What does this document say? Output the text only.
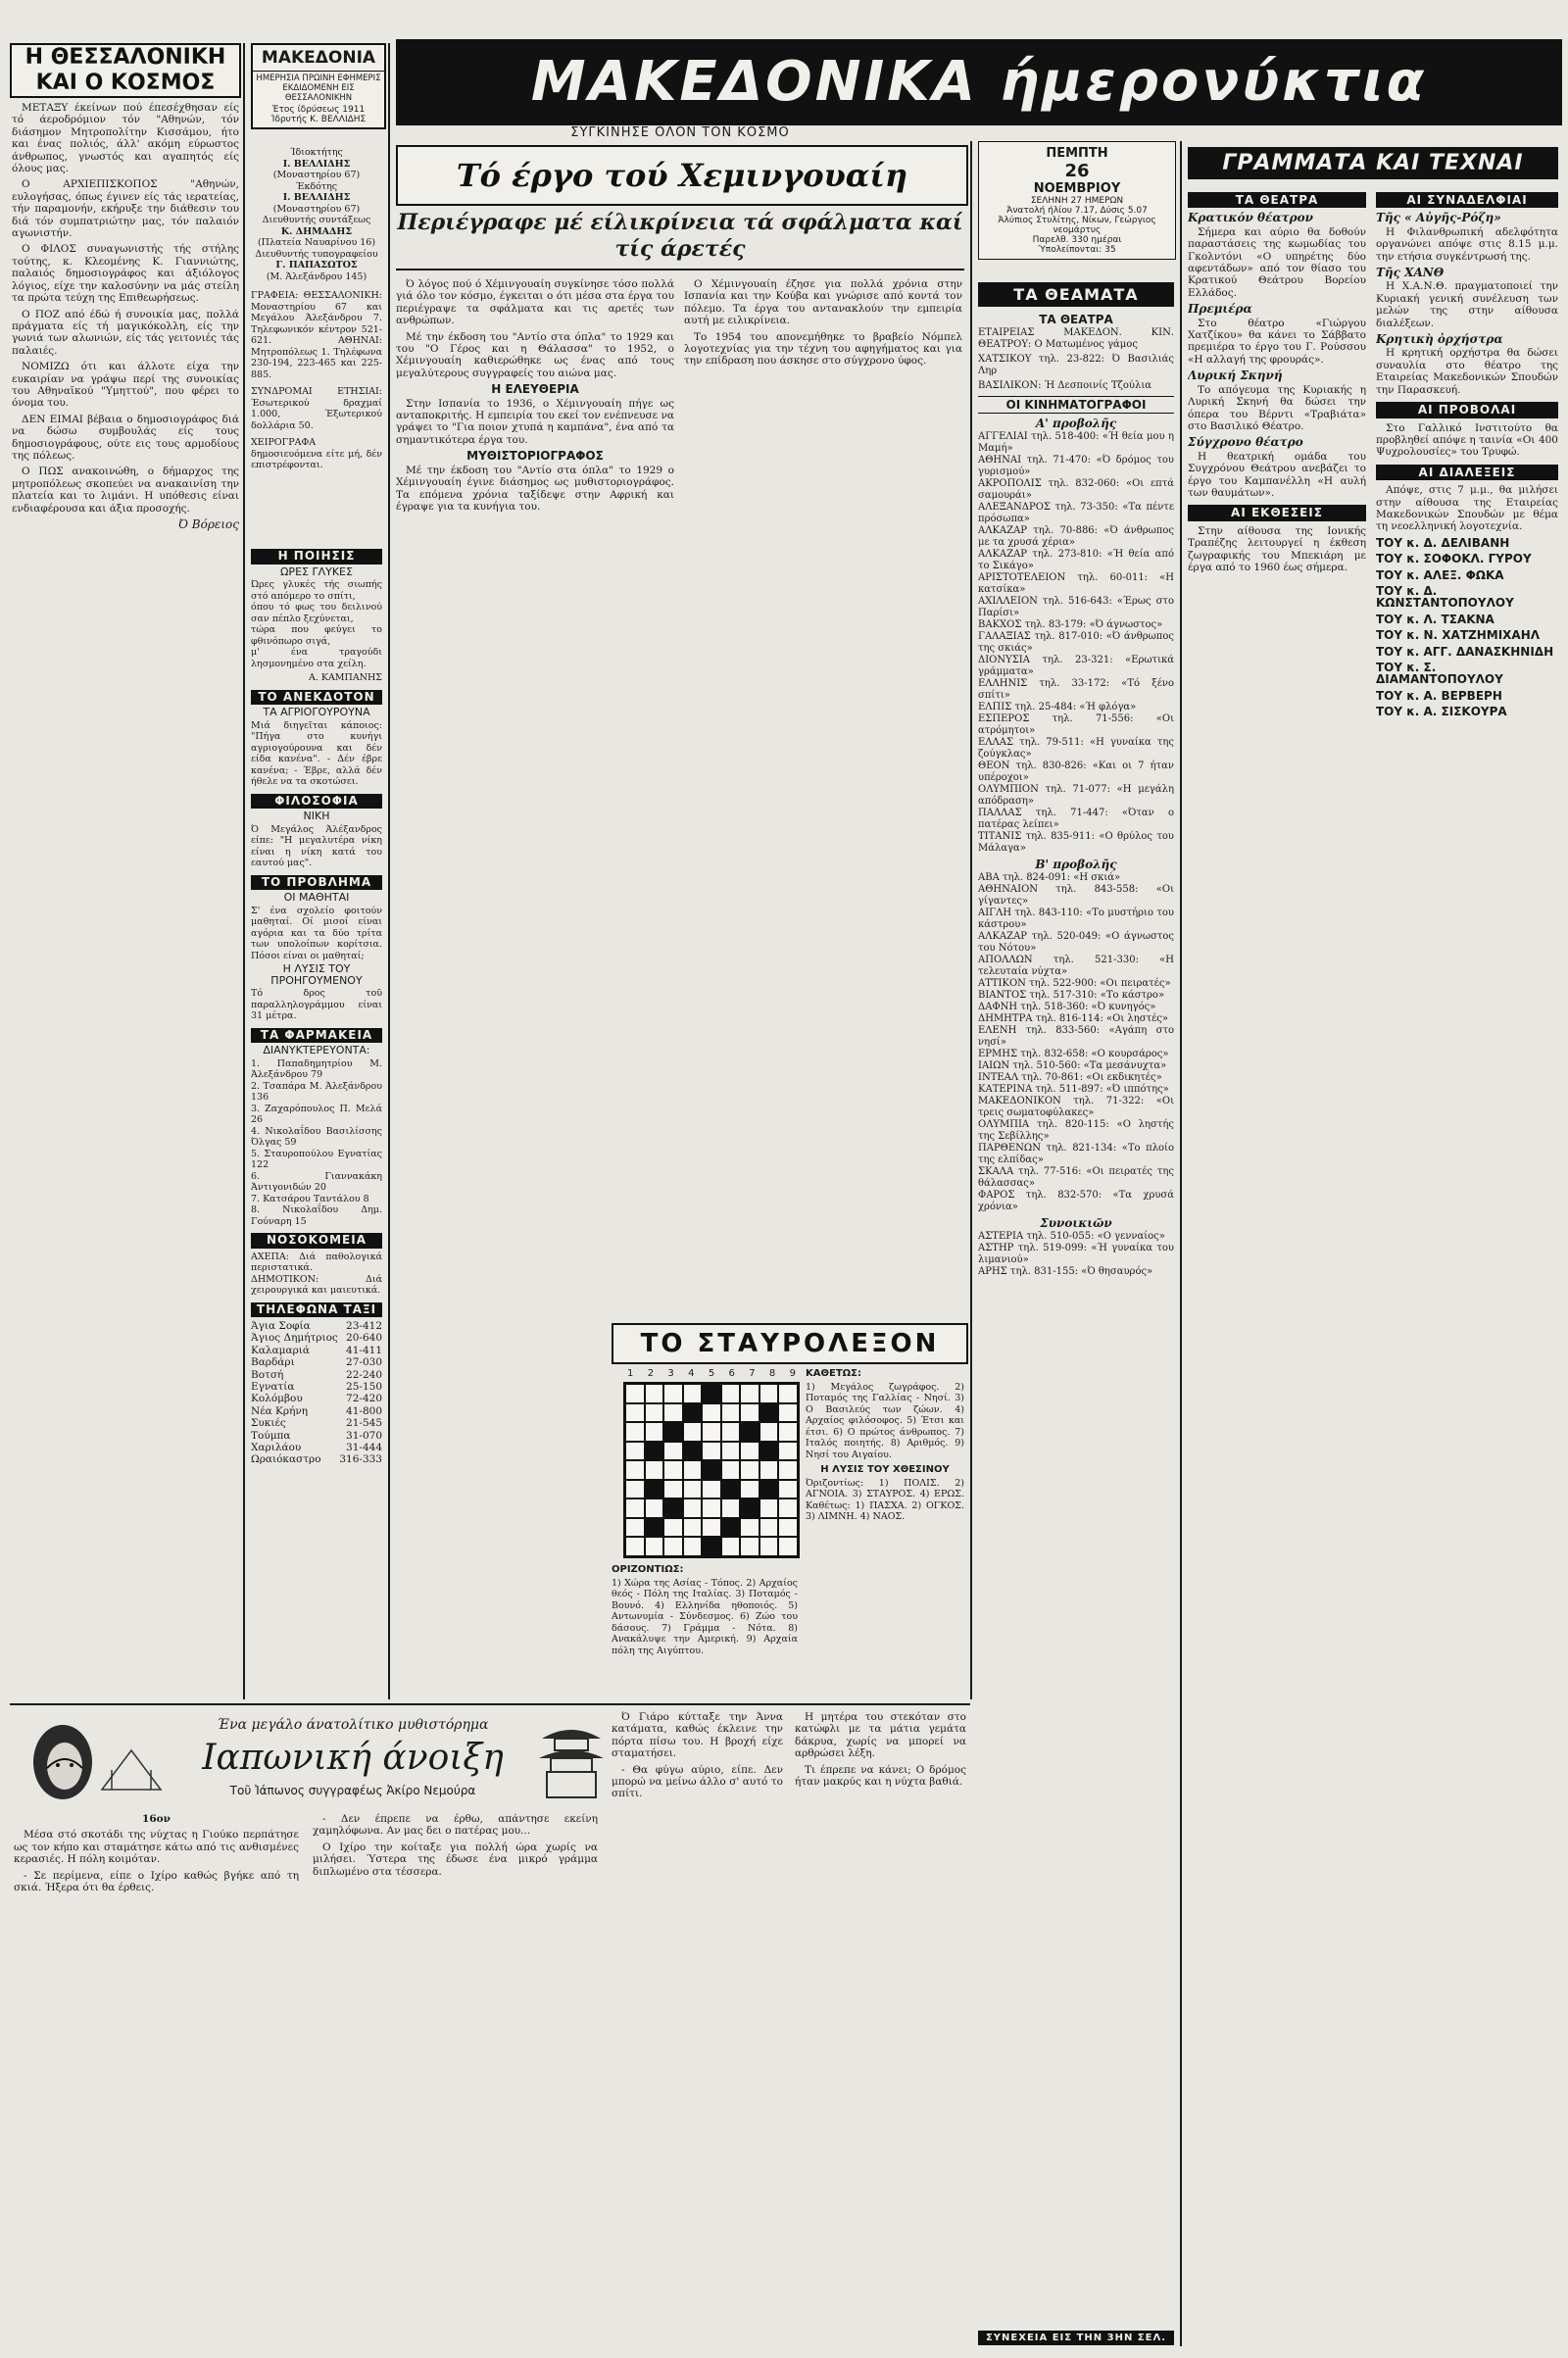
Η ΘΕΣΣΑΛΟΝΙΚΗ ΚΑΙ Ο ΚΟΣΜΟΣ

ΜΕΤΑΞΥ έκείνων πού έπεσέχθησαν είς τό άεροδρόμιον τόν "Αθηνών, τόν διάσημον Μητροπολίτην Κισσάμου, ήτο και ένας πολιός, άλλ' ακόμη εύρωστος άνθρωπος, γνωστός και αγαπητός είς όλους μας.

Ο ΑΡΧΙΕΠΙΣΚΟΠΟΣ "Αθηνών, ευλογήσας, όπως έγινεν είς τάς ιερατείας, τήν παραμονήν, εκήρυξε την διάθεσιν του διά τόν συμπατριώτην μας, τόν παλαιόν αγωνιστήν.

Ο ΦΙΛΟΣ συναγωνιστής τής στήλης τούτης, κ. Κλεομένης Κ. Γιαννιώτης, παλαιός δημοσιογράφος και άξιόλογος λόγιος, είχε την καλοσύνην να μάς στείλη τα πρώτα τεύχη της Επιθεωρήσεως.

Ο ΠΟΖ από έδώ ή συνοικία μας, πολλά πράγματα είς τή μαγικόκολλη, είς την γωνιά των αλωνιών, είς τάς γειτονιές τάς παλαιές.

ΝΟΜΙΖΩ ότι και άλλοτε είχα την ευκαιρίαν να γράψω περί της συνοικίας του Αθηναϊκού "Υμηττού", που φέρει το όνομα του.

ΔΕΝ ΕΙΜΑΙ βέβαια ο δημοσιογράφος διά να δώσω συμβουλάς είς τους δημοσιογράφους, ούτε εις τους αρμοδίους της πόλεως.

Ο ΠΩΣ ανακοινώθη, ο δήμαρχος της μητροπόλεως σκοπεύει να ανακαινίση την πλατεία και το λιμάνι. Η υπόθεσις είναι ενδιαφέρουσα και άξια προσοχής.

Ό Βόρειος
ΜΑΚΕΔΟΝΙΑ
ΗΜΕΡΗΣΙΑ ΠΡΩΙΝΗ ΕΦΗΜΕΡΙΣ ΕΚΔΙΔΟΜΕΝΗ ΕΙΣ ΘΕΣΣΑΛΟΝΙΚΗΝ
Έτος ίδρύσεως 1911
Ίδρυτής Κ. ΒΕΛΛΙΔΗΣ
Ίδιοκτήτης
Ι. ΒΕΛΛΙΔΗΣ
(Μοναστηρίου 67)
Έκδότης
Ι. ΒΕΛΛΙΔΗΣ
(Μοναστηρίου 67)
Διευθυντής συντάξεως
Κ. ΔΗΜΑΔΗΣ
(Πλατεία Ναυαρίνου 16)
Διευθυντής τυπογραφείου
Γ. ΠΑΠΑΣΩΤΟΣ
(Μ. Άλεξάνδρου 145)
ΓΡΑΦΕΙΑ: ΘΕΣΣΑΛΟΝΙΚΗ: Μοναστηρίου 67 και Μεγάλου Άλεξάνδρου 7. Τηλεφωνικόν κέντρον 521-621. ΑΘΗΝΑΙ: Μητροπόλεως 1. Τηλέφωνα 230-194, 223-465 και 225-885.
ΣΥΝΔΡΟΜΑΙ ΕΤΗΣΙΑΙ: Έσωτερικού δραχμαί 1.000, Έξωτερικού δολλάρια 50.
ΧΕΙΡΟΓΡΑΦΑ δημοσιευόμενα είτε μή, δέν επιστρέφονται.
Η ΠΟΙΗΣΙΣ
ΩΡΕΣ ΓΛΥΚΕΣ
Ώρες γλυκές τής σιωπής στό απόμερο το σπίτι,
όπου τό φως του δειλινού σαν πέπλο ξεχύνεται,
τώρα που φεύγει το φθινόπωρο σιγά,
μ' ένα τραγούδι λησμονημένο στα χείλη.
Α. ΚΑΜΠΑΝΗΣ
ΤΟ ΑΝΕΚΔΟΤΟΝ
ΤΑ ΑΓΡΙΟΓΟΥΡΟΥΝΑ
Μιά διηγεῖται κάποιος: "Πήγα στο κυνήγι αγριογούρουνα και δέν είδα κανένα". - Δέν έβρε κανένα; - Έβρε, αλλά δέν ήθελε να τα σκοτώσει.
ΦΙΛΟΣΟΦΙΑ
ΝΙΚΗ
Ό Μεγάλος Άλέξανδρος είπε: "Η μεγαλυτέρα νίκη είναι η νίκη κατά του εαυτού μας".
ΤΟ ΠΡΟΒΛΗΜΑ
ΟΙ ΜΑΘΗΤΑΙ
Σ' ένα σχολείο φοιτούν μαθηταί. Οί μισοί είναι αγόρια και τα δύο τρίτα των υπολοίπων κορίτσια. Πόσοι είναι οι μαθηταί;
Η ΛΥΣΙΣ ΤΟΥ ΠΡΟΗΓΟΥΜΕΝΟΥ
Τό δρος τοῦ παραλληλογράμμου είναι 31 μέτρα.
ΤΑ ΦΑΡΜΑΚΕΙΑ
ΔΙΑΝΥΚΤΕΡΕΥΟΝΤΑ:
1. Παπαδημητρίου Μ. Άλεξάνδρου 79
2. Τσαπάρα Μ. Άλεξάνδρου 136
3. Ζαχαρόπουλος Π. Μελά 26
4. Νικολαΐδου Βασιλίσσης Όλγας 59
5. Σταυροπούλου Εγνατίας 122
6. Γιαννακάκη Άντιγονιδών 20
7. Κατσάρου Ταντάλου 8
8. Νικολαΐδου Δημ. Γούναρη 15
ΝΟΣΟΚΟΜΕΙΑ
ΑΧΕΠΑ: Διά παθολογικά περιστατικά. ΔΗΜΟΤΙΚΟΝ: Διά χειρουργικά και μαιευτικά.
ΤΗΛΕΦΩΝΑ ΤΑΞΙ
Άγια Σοφία	23-412
Άγιος Δημήτριος 20-640
Καλαμαριά	41-411
Βαρδάρι	27-030
Βοτσή	22-240
Εγνατία	25-150
Κολόμβου	72-420
Νέα Κρήνη	41-800
Συκιές	21-545
Τούμπα	31-070
Χαριλάου	31-444
Ωραιόκαστρο 316-333
ΜΑΚΕΔΟΝΙΚΑ ήμερονύκτια
ΣΥΓΚΙΝΗΣΕ ΟΛΟΝ ΤΟΝ ΚΟΣΜΟ
Τό έργο τού Χεμινγουαίη
Περιέγραφε μέ είλικρίνεια τά σφάλματα καί τίς άρετές

Ό λόγος πού ό Χέμινγουαίη συγκίνησε τόσο πολλά γιά όλο τον κόσμο, έγκειται ο ότι μέσα στα έργα του περιέγραψε τα σφάλματα και τις αρετές των ανθρώπων.

Μέ την έκδοση του "Αντίο στα όπλα" το 1929 και του "Ο Γέρος και η Θάλασσα" το 1952, ο Χέμινγουαίη καθιερώθηκε ως ένας από τους μεγαλύτερους συγγραφείς του αιώνα μας.

Η ΕΛΕΥΘΕΡΙΑ

Στην Ισπανία το 1936, ο Χέμινγουαίη πήγε ως ανταποκριτής. Η εμπειρία του εκεί τον ενέπνευσε να γράψει το "Για ποιον χτυπά η καμπάνα", ένα από τα σημαντικότερα έργα του.

ΜΥΘΙΣΤΟΡΙΟΓΡΑΦΟΣ

Μέ την έκδοση του "Αντίο στα όπλα" το 1929 ο Χέμινγουαίη έγινε διάσημος ως μυθιστοριογράφος. Τα επόμενα χρόνια ταξίδεψε στην Αφρική και έγραψε για τα κυνήγια του.

Ο Χέμινγουαίη έζησε για πολλά χρόνια στην Ισπανία και την Κούβα και γνώρισε από κοντά τον πόλεμο. Τα έργα του αντανακλούν την εμπειρία αυτή με ειλικρίνεια.

Το 1954 του απονεμήθηκε το βραβείο Νόμπελ λογοτεχνίας για την τέχνη του αφηγήματος και για την επίδραση που άσκησε στο σύγχρονο ύφος.

ΤΟ ΣΤΑΥΡΟΛΕΞΟΝ
1 2 3 4 5 6 7 8 9
ΟΡΙΖΟΝΤΙΩΣ:
1) Χώρα της Ασίας - Τόπος. 2) Αρχαίος θεός - Πόλη της Ιταλίας. 3) Ποταμός - Βουνό. 4) Ελληνίδα ηθοποιός. 5) Αντωνυμία - Σύνδεσμος. 6) Ζώο του δάσους. 7) Γράμμα - Νότα. 8) Ανακάλυψε την Αμερική. 9) Αρχαία πόλη της Αιγύπτου.
ΚΑΘΕΤΩΣ:
1) Μεγάλος ζωγράφος. 2) Ποταμός της Γαλλίας - Νησί. 3) Ο Βασιλεύς των ζώων. 4) Αρχαίος φιλόσοφος. 5) Έτσι και έτσι. 6) Ο πρώτος άνθρωπος. 7) Ιταλός ποιητής. 8) Αριθμός. 9) Νησί του Αιγαίου.
Η ΛΥΣΙΣ ΤΟΥ ΧΘΕΣΙΝΟΥ
Όριζοντίως: 1) ΠΟΛΙΣ. 2) ΑΓΝΟΙΑ. 3) ΣΤΑΥΡΟΣ. 4) ΕΡΩΣ. Καθέτως: 1) ΠΑΣΧΑ. 2) ΟΓΚΟΣ. 3) ΛΙΜΝΗ. 4) ΝΑΟΣ.
ΠΕΜΠΤΗ
26
ΝΟΕΜΒΡΙΟΥ
ΣΕΛΗΝΗ 27 ΗΜΕΡΩΝ
Άνατολή ήλίου 7.17, Δύσις 5.07
Άλύπιος Στυλίτης, Νίκων, Γεώργιος νεομάρτυς
Παρελθ. 330 ημέραι
Ύπολείπονται: 35
ΤΑ ΘΕΑΜΑΤΑ
ΤΑ ΘΕΑΤΡΑ
ΕΤΑΙΡΕΙΑΣ ΜΑΚΕΔΟΝ. ΚΙΝ. ΘΕΑΤΡΟΥ: Ο Ματωμένος γάμος
ΧΑΤΣΙΚΟΥ τηλ. 23-822: Ό Βασιλιάς Ληρ
ΒΑΣΙΛΙΚΟΝ: Ή Δεσποινίς Τζούλια
ΟΙ ΚΙΝΗΜΑΤΟΓΡΑΦΟΙ
Α' προβολῆς
ΑΓΓΕΛΙΑΙ τηλ. 518-400: «Ή θεία μου η Μαμή»
ΑΘΗΝΑΙ τηλ. 71-470: «Ό δρόμος του γυρισμού»
ΑΚΡΟΠΟΛΙΣ τηλ. 832-060: «Οι επτά σαμουράι»
ΑΛΕΞΑΝΔΡΟΣ τηλ. 73-350: «Τα πέντε πρόσωπα»
ΑΛΚΑΖΑΡ τηλ. 70-886: «Ό άνθρωπος με τα χρυσά χέρια»
ΑΛΚΑΖΑΡ τηλ. 273-810: «Ή θεία από το Σικάγο»
ΑΡΙΣΤΟΤΕΛΕΙΟΝ τηλ. 60-011: «Η κατσίκα»
ΑΧΙΛΛΕΙΟΝ τηλ. 516-643: «Έρως στο Παρίσι»
ΒΑΚΧΟΣ τηλ. 83-179: «Ό άγνωστος»
ΓΑΛΑΞΙΑΣ τηλ. 817-010: «Ό άνθρωπος της σκιάς»
ΔΙΟΝΥΣΙΑ τηλ. 23-321: «Ερωτικά γράμματα»
ΕΛΛΗΝΙΣ τηλ. 33-172: «Τό ξένο σπίτι»
ΕΛΠΙΣ τηλ. 25-484: «Ή φλόγα»
ΕΣΠΕΡΟΣ τηλ. 71-556: «Οι ατρόμητοι»
ΕΛΛΑΣ τηλ. 79-511: «Η γυναίκα της ζούγκλας»
ΘΕΟΝ τηλ. 830-826: «Και οι 7 ήταν υπέροχοι»
ΟΛΥΜΠΙΟΝ τηλ. 71-077: «Η μεγάλη απόδραση»
ΠΑΛΛΑΣ τηλ. 71-447: «Όταν ο πατέρας λείπει»
ΤΙΤΑΝΙΣ τηλ. 835-911: «Ο θρύλος του Μάλαγα»
Β' προβολῆς
ΑΒΑ τηλ. 824-091: «Η σκιά»
ΑΘΗΝΑΙΟΝ τηλ. 843-558: «Οι γίγαντες»
ΑΙΓΛΗ τηλ. 843-110: «Το μυστήριο του κάστρου»
ΑΛΚΑΖΑΡ τηλ. 520-049: «Ο άγνωστος του Νότου»
ΑΠΟΛΛΩΝ τηλ. 521-330: «Η τελευταία νύχτα»
ΑΤΤΙΚΟΝ τηλ. 522-900: «Οι πειρατές»
ΒΙΑΝΤΟΣ τηλ. 517-310: «Το κάστρο»
ΔΑΦΝΗ τηλ. 518-360: «Ό κυνηγός»
ΔΗΜΗΤΡΑ τηλ. 816-114: «Οι ληστές»
ΕΛΕΝΗ τηλ. 833-560: «Αγάπη στο νησί»
ΕΡΜΗΣ τηλ. 832-658: «Ο κουρσάρος»
ΙΑΙΩΝ τηλ. 510-560: «Τα μεσάνυχτα»
ΙΝΤΕΑΛ τηλ. 70-861: «Οι εκδικητές»
ΚΑΤΕΡΙΝΑ τηλ. 511-897: «Ό ιππότης»
ΜΑΚΕΔΟΝΙΚΟΝ τηλ. 71-322: «Οι τρεις σωματοφύλακες»
ΟΛΥΜΠΙΑ τηλ. 820-115: «Ο ληστής της Σεβίλλης»
ΠΑΡΘΕΝΩΝ τηλ. 821-134: «Το πλοίο της ελπίδας»
ΣΚΑΛΑ τηλ. 77-516: «Οι πειρατές της θάλασσας»
ΦΑΡΟΣ τηλ. 832-570: «Τα χρυσά χρόνια»
Συνοικιῶν
ΑΣΤΕΡΙΑ τηλ. 510-055: «Ο γενναίος»
ΑΣΤΗΡ τηλ. 519-099: «Ή γυναίκα του λιμανιού»
ΑΡΗΣ τηλ. 831-155: «Ό θησαυρός»
ΣΥΝΕΧΕΙΑ ΕΙΣ ΤΗΝ 3ΗΝ ΣΕΛ.
ΓΡΑΜΜΑΤΑ ΚΑΙ ΤΕΧΝΑΙ
ΤΑ ΘΕΑΤΡΑ
Κρατικόν θέατρον

Σήμερα και αύριο θα δοθούν παραστάσεις της κωμωδίας του Γκολντόνι «Ο υπηρέτης δύο αφεντάδων» από τον θίασο του Κρατικού Θεάτρου Βορείου Ελλάδος.

Πρεμιέρα

Στο θέατρο «Γιώργου Χατζίκου» θα κάνει το Σάββατο πρεμιέρα το έργο του Γ. Ρούσσου «Η αλλαγή της φρουράς».

Λυρική Σκηνή

Το απόγευμα της Κυριακής η Λυρική Σκηνή θα δώσει την όπερα του Βέρντι «Τραβιάτα» στο Βασιλικό Θέατρο.

Σύγχρονο θέατρο

Η θεατρική ομάδα του Συγχρόνου Θεάτρου ανεβάζει το έργο του Καμπανέλλη «Η αυλή των θαυμάτων».

ΑΙ ΕΚΘΕΣΕΙΣ

Στην αίθουσα της Ιονικής Τραπέζης λειτουργεί η έκθεση ζωγραφικής του Μπεκιάρη με έργα από το 1960 έως σήμερα.

ΑΙ ΣΥΝΑΔΕΛΦΙΑΙ
Τῆς « Αὐγῆς-Ρόζη»

Η Φιλανθρωπική αδελφότητα οργανώνει απόψε στις 8.15 μ.μ. την ετήσια συγκέντρωσή της.

Τῆς ΧΑΝΘ

Η Χ.Α.Ν.Θ. πραγματοποιεί την Κυριακή γενική συνέλευση των μελών της στην αίθουσα διαλέξεων.

Κρητικὴ ὀρχήστρα

Η κρητική ορχήστρα θα δώσει συναυλία στο θέατρο της Εταιρείας Μακεδονικών Σπουδών την Παρασκευή.

ΑΙ ΠΡΟΒΟΛΑΙ

Στο Γαλλικό Ινστιτούτο θα προβληθεί απόψε η ταινία «Οι 400 Ψυχρολουσίες» του Τρυφώ.

ΑΙ ΔΙΑΛΕΞΕΙΣ

Απόψε, στις 7 μ.μ., θα μιλήσει στην αίθουσα της Εταιρείας Μακεδονικών Σπουδών με θέμα τη νεοελληνική λογοτεχνία.

ΤΟΥ κ. Δ. ΔΕΛΙΒΑΝΗ
ΤΟΥ κ. ΣΟΦΟΚΛ. ΓΥΡΟΥ
ΤΟΥ κ. ΑΛΕΞ. ΦΩΚΑ
ΤΟΥ κ. Δ. ΚΩΝΣΤΑΝΤΟΠΟΥΛΟΥ
ΤΟΥ κ. Λ. ΤΣΑΚΝΑ
ΤΟΥ κ. Ν. ΧΑΤΖΗΜΙΧΑΗΛ
ΤΟΥ κ. ΑΓΓ. ΔΑΝΑΣΚΗΝΙΔΗ
ΤΟΥ κ. Σ. ΔΙΑΜΑΝΤΟΠΟΥΛΟΥ
ΤΟΥ κ. Α. ΒΕΡΒΕΡΗ
ΤΟΥ κ. Α. ΣΙΣΚΟΥΡΑ
Ένα μεγάλο άνατολίτικο μυθιστόρημα
Ιαπωνική άνοιξη
Τοῦ Ἰάπωνος συγγραφέως Ἀκίρο Νεμούρα
16ον

Μέσα στό σκοτάδι της νύχτας η Γιούκο περπάτησε ως τον κήπο και σταμάτησε κάτω από τις ανθισμένες κερασιές. Η πόλη κοιμόταν.

- Σε περίμενα, είπε ο Ιχίρο καθώς βγήκε από τη σκιά. Ήξερα ότι θα έρθεις.

- Δεν έπρεπε να έρθω, απάντησε εκείνη χαμηλόφωνα. Αν μας δει ο πατέρας μου...

Ο Ιχίρο την κοίταξε για πολλή ώρα χωρίς να μιλήσει. Ύστερα της έδωσε ένα μικρό γράμμα διπλωμένο στα τέσσερα.

Ό Γιάρο κύτταξε την Άννα κατάματα, καθώς έκλεινε την πόρτα πίσω του. Η βροχή είχε σταματήσει.

- Θα φύγω αύριο, είπε. Δεν μπορώ να μείνω άλλο σ' αυτό το σπίτι.

Η μητέρα του στεκόταν στο κατώφλι με τα μάτια γεμάτα δάκρυα, χωρίς να μπορεί να αρθρώσει λέξη.

Τι έπρεπε να κάνει; Ο δρόμος ήταν μακρύς και η νύχτα βαθιά.
